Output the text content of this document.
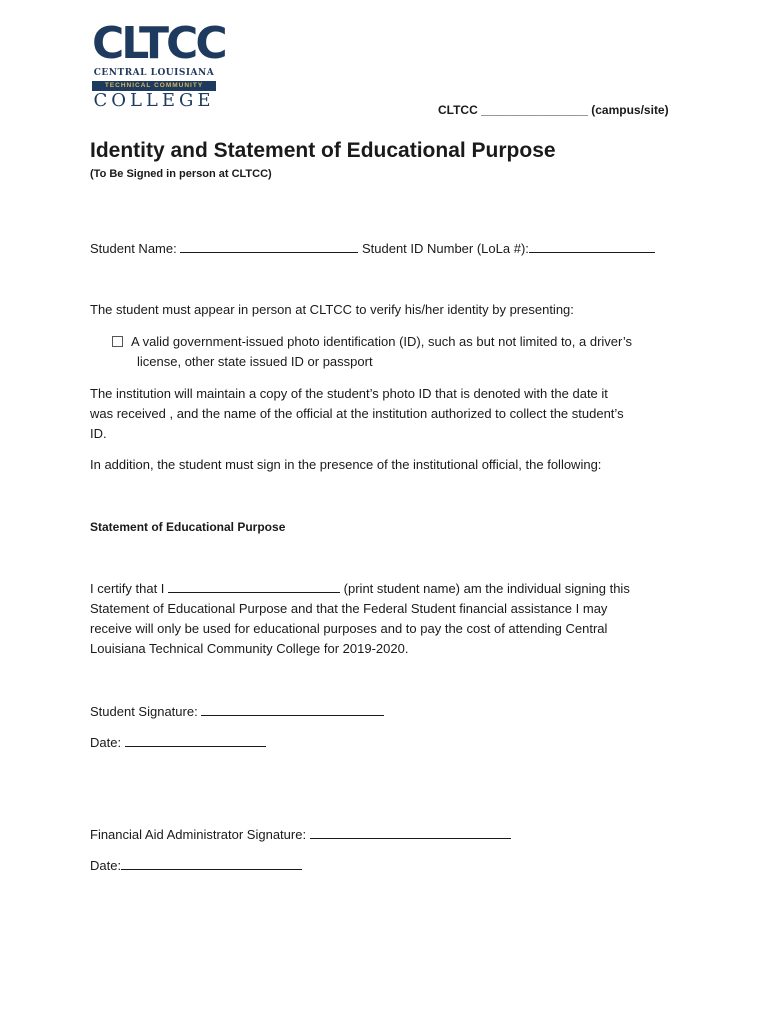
CLTCC
CENTRAL LOUISIANA
TECHNICAL COMMUNITY
COLLEGE	CLTCC ________________ (campus/site)
Identity and Statement of Educational Purpose
(To Be Signed in person at CLTCC)
Student Name:	Student ID Number (LoLa #):
The student must appear in person at CLTCC to verify his/her identity by presenting:
A valid government-issued photo identification (ID), such as but not limited to, a driver’s
license, other state issued ID or passport
The institution will maintain a copy of the student’s photo ID that is denoted with the date it
was received , and the name of the official at the institution authorized to collect the student’s
ID.
In addition, the student must sign in the presence of the institutional official, the following:
Statement of Educational Purpose
I certify that I	(print student name) am the individual signing this
Statement of Educational Purpose and that the Federal Student financial assistance I may
receive will only be used for educational purposes and to pay the cost of attending Central
Louisiana Technical Community College for 2019-2020.
Student Signature:
Date:
Financial Aid Administrator Signature:
Date:
